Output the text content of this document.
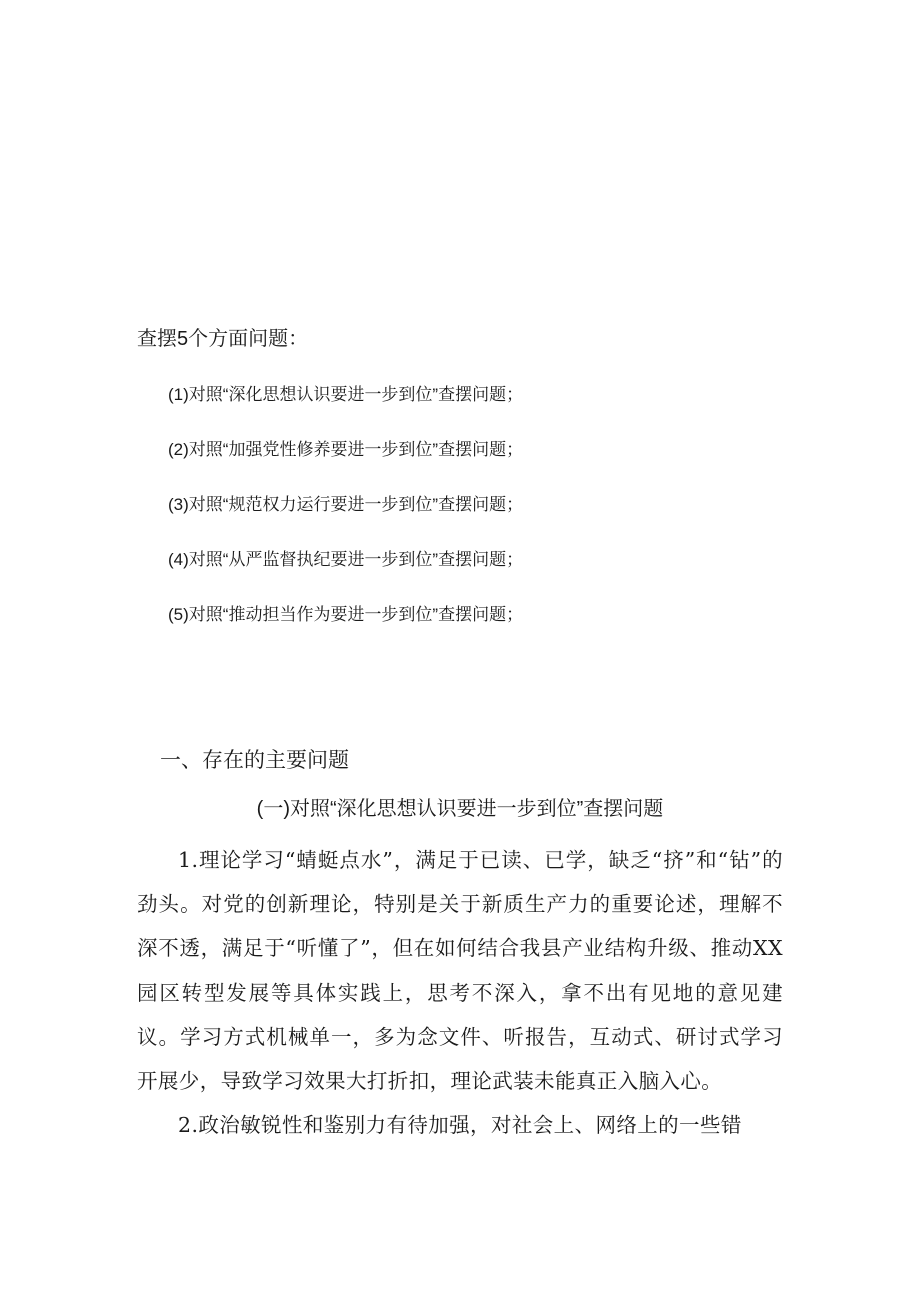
查摆5个方面问题：
(1)对照“深化思想认识要进一步到位”查摆问题；
(2)对照“加强党性修养要进一步到位”查摆问题；
(3)对照“规范权力运行要进一步到位”查摆问题；
(4)对照“从严监督执纪要进一步到位”查摆问题；
(5)对照“推动担当作为要进一步到位”查摆问题；
一、存在的主要问题
(一)对照“深化思想认识要进一步到位”查摆问题

1.理论学习“蜻蜓点水”，满足于已读、已学，缺乏“挤”和“钻”的劲头。对党的创新理论，特别是关于新质生产力的重要论述，理解不深不透，满足于“听懂了”，但在如何结合我县产业结构升级、推动XX园区转型发展等具体实践上，思考不深入，拿不出有见地的意见建议。学习方式机械单一，多为念文件、听报告，互动式、研讨式学习开展少，导致学习效果大打折扣，理论武装未能真正入脑入心。

2.政治敏锐性和鉴别力有待加强，对社会上、网络上的一些错
